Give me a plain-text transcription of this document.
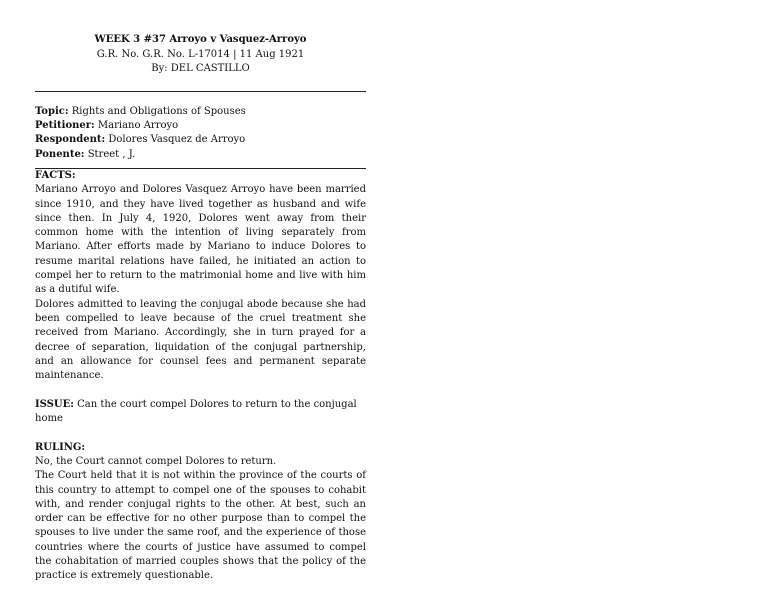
WEEK 3 #37 Arroyo v Vasquez-Arroyo
G.R. No. G.R. No. L-17014 | 11 Aug 1921
By: DEL CASTILLO
Topic: Rights and Obligations of Spouses
Petitioner: Mariano Arroyo
Respondent: Dolores Vasquez de Arroyo
Ponente: Street , J.
FACTS:
Mariano Arroyo and Dolores Vasquez Arroyo have been married since 1910, and they have lived together as husband and wife since then. In July 4, 1920, Dolores went away from their common home with the intention of living separately from Mariano. After efforts made by Mariano to induce Dolores to resume marital relations have failed, he initiated an action to compel her to return to the matrimonial home and live with him as a dutiful wife.
Dolores admitted to leaving the conjugal abode because she had been compelled to leave because of the cruel treatment she received from Mariano. Accordingly, she in turn prayed for a decree of separation, liquidation of the conjugal partnership, and an allowance for counsel fees and permanent separate maintenance.
ISSUE: Can the court compel Dolores to return to the conjugal home
RULING:
No, the Court cannot compel Dolores to return.
The Court held that it is not within the province of the courts of this country to attempt to compel one of the spouses to cohabit with, and render conjugal rights to the other. At best, such an order can be effective for no other purpose than to compel the spouses to live under the same roof, and the experience of those countries where the courts of justice have assumed to compel the cohabitation of married couples shows that the policy of the practice is extremely questionable.
